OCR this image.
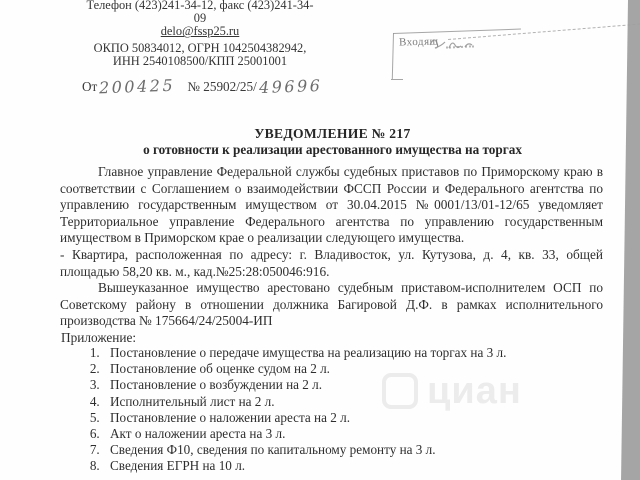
Телефон (423)241-34-12, факс (423)241-34-
09
delo@fssp25.ru
ОКПО 50834012, ОГРН 1042504382942,
ИНН 2540108500/КПП 25001001
От 200425 № 25902/25/ 49696
Входящ
УВЕДОМЛЕНИЕ № 217
о готовности к реализации арестованного имущества на торгах

Главное управление Федеральной службы судебных приставов по Приморскому краю в соответствии с Соглашением о взаимодействии ФССП России и Федерального агентства по управлению государственным имуществом от 30.04.2015 №0001/13/01-12/65 уведомляет Территориальное управление Федерального агентства по управлению государственным имуществом в Приморском крае о реализации следующего имущества.

- Квартира, расположенная по адресу: г. Владивосток, ул. Кутузова, д. 4, кв. 33, общей площадью 58,20 кв. м., кад.№25:28:050046:916.

Вышеуказанное имущество арестовано судебным приставом-исполнителем ОСП по Советскому району в отношении должника Багировой Д.Ф. в рамках исполнительного производства № 175664/24/25004-ИП

Приложение:
1. Постановление о передаче имущества на реализацию на торгах на 3 л.
2. Постановление об оценке судом на 2 л.
3. Постановление о возбуждении на 2 л.
4. Исполнительный лист на 2 л.
5. Постановление о наложении ареста на 2 л.
6. Акт о наложении ареста на 3 л.
7. Сведения Ф10, сведения по капитальному ремонту на 3 л.
8. Сведения ЕГРН на 10 л.
циан
